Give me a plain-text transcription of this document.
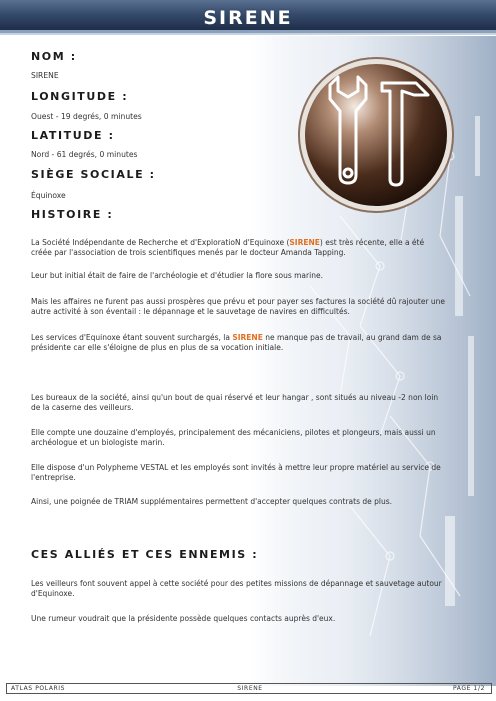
SIRENE
NOM :
SIRENE
LONGITUDE :
Ouest - 19 degrés, 0 minutes
LATITUDE :
Nord - 61 degrés, 0 minutes
SIÈGE SOCIALE :
Équinoxe
HISTOIRE :
La Société Indépendante de Recherche et d'ExploratioN d'Equinoxe (SIRENE) est très récente, elle a été créée par l'association de trois scientifiques menés par le docteur Amanda Tapping.
Leur but initial était de faire de l'archéologie et d'étudier la flore sous marine.
Mais les affaires ne furent pas aussi prospères que prévu et pour payer ses factures la société dû rajouter une autre activité à son éventail : le dépannage et le sauvetage de navires en difficultés.
Les services d'Equinoxe étant souvent surchargés, la SIRENE ne manque pas de travail, au grand dam de sa présidente car elle s'éloigne de plus en plus de sa vocation initiale.
Les bureaux de la société, ainsi qu'un bout de quai réservé et leur hangar , sont situés au niveau -2 non loin de la caserne des veilleurs.
Elle compte une douzaine d'employés, principalement des mécaniciens, pilotes et plongeurs, mais aussi un archéologue et un biologiste marin.
Elle dispose d'un Polypheme VESTAL et les employés sont invités à mettre leur propre matériel au service de l'entreprise.
Ainsi, une poignée de TRIAM supplémentaires permettent d'accepter quelques contrats de plus.
CES ALLIÉS ET CES ENNEMIS :
Les veilleurs font souvent appel à cette société pour des petites missions de dépannage et sauvetage autour d'Equinoxe.
Une rumeur voudrait que la présidente possède quelques contacts auprès d'eux.
ATLAS POLARIS	SIRENE	PAGE 1/2
